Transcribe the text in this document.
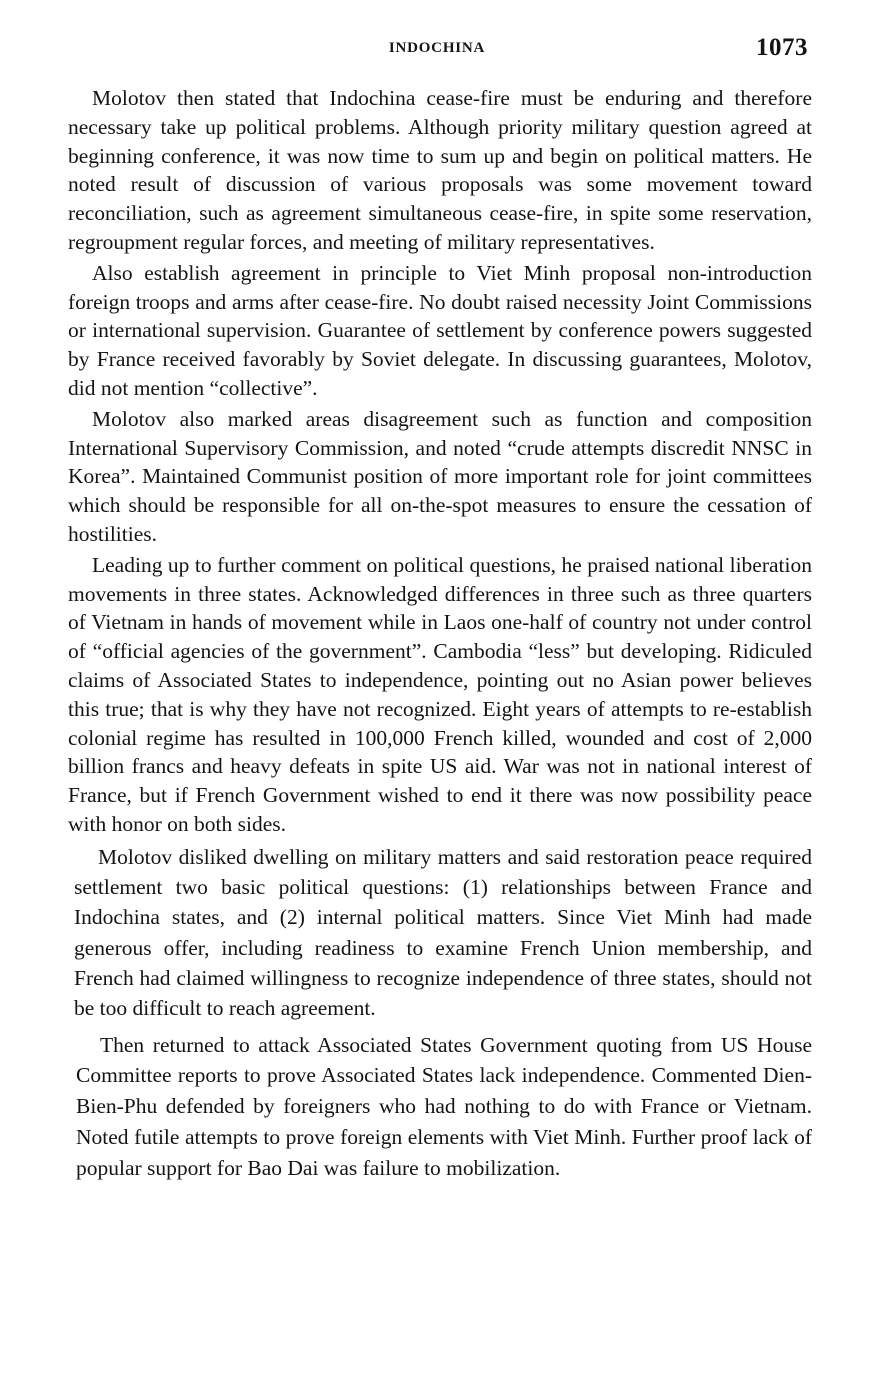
INDOCHINA	1073

Molotov then stated that Indochina cease-fire must be enduring and therefore necessary take up political problems. Although priority military question agreed at beginning conference, it was now time to sum up and begin on political matters. He noted result of discussion of various proposals was some movement toward reconciliation, such as agreement simultaneous cease-fire, in spite some reservation, regroupment regular forces, and meeting of military representatives.

Also establish agreement in principle to Viet Minh proposal non-introduction foreign troops and arms after cease-fire. No doubt raised necessity Joint Commissions or international supervision. Guarantee of settlement by conference powers suggested by France received favorably by Soviet delegate. In discussing guarantees, Molotov, did not mention “collective”.

Molotov also marked areas disagreement such as function and composition International Supervisory Commission, and noted “crude attempts discredit NNSC in Korea”. Maintained Communist position of more important role for joint committees which should be responsible for all on-the-spot measures to ensure the cessation of hostilities.

Leading up to further comment on political questions, he praised national liberation movements in three states. Acknowledged differences in three such as three quarters of Vietnam in hands of movement while in Laos one-half of country not under control of “official agencies of the government”. Cambodia “less” but developing. Ridiculed claims of Associated States to independence, pointing out no Asian power believes this true; that is why they have not recognized. Eight years of attempts to re-establish colonial regime has resulted in 100,000 French killed, wounded and cost of 2,000 billion francs and heavy defeats in spite US aid. War was not in national interest of France, but if French Government wished to end it there was now possibility peace with honor on both sides.

Molotov disliked dwelling on military matters and said restoration peace required settlement two basic political questions: (1) relationships between France and Indochina states, and (2) internal political matters. Since Viet Minh had made generous offer, including readiness to examine French Union membership, and French had claimed willingness to recognize independence of three states, should not be too difficult to reach agreement.

Then returned to attack Associated States Government quoting from US House Committee reports to prove Associated States lack independence. Commented Dien-Bien-Phu defended by foreigners who had nothing to do with France or Vietnam. Noted futile attempts to prove foreign elements with Viet Minh. Further proof lack of popular support for Bao Dai was failure to mobilization.
